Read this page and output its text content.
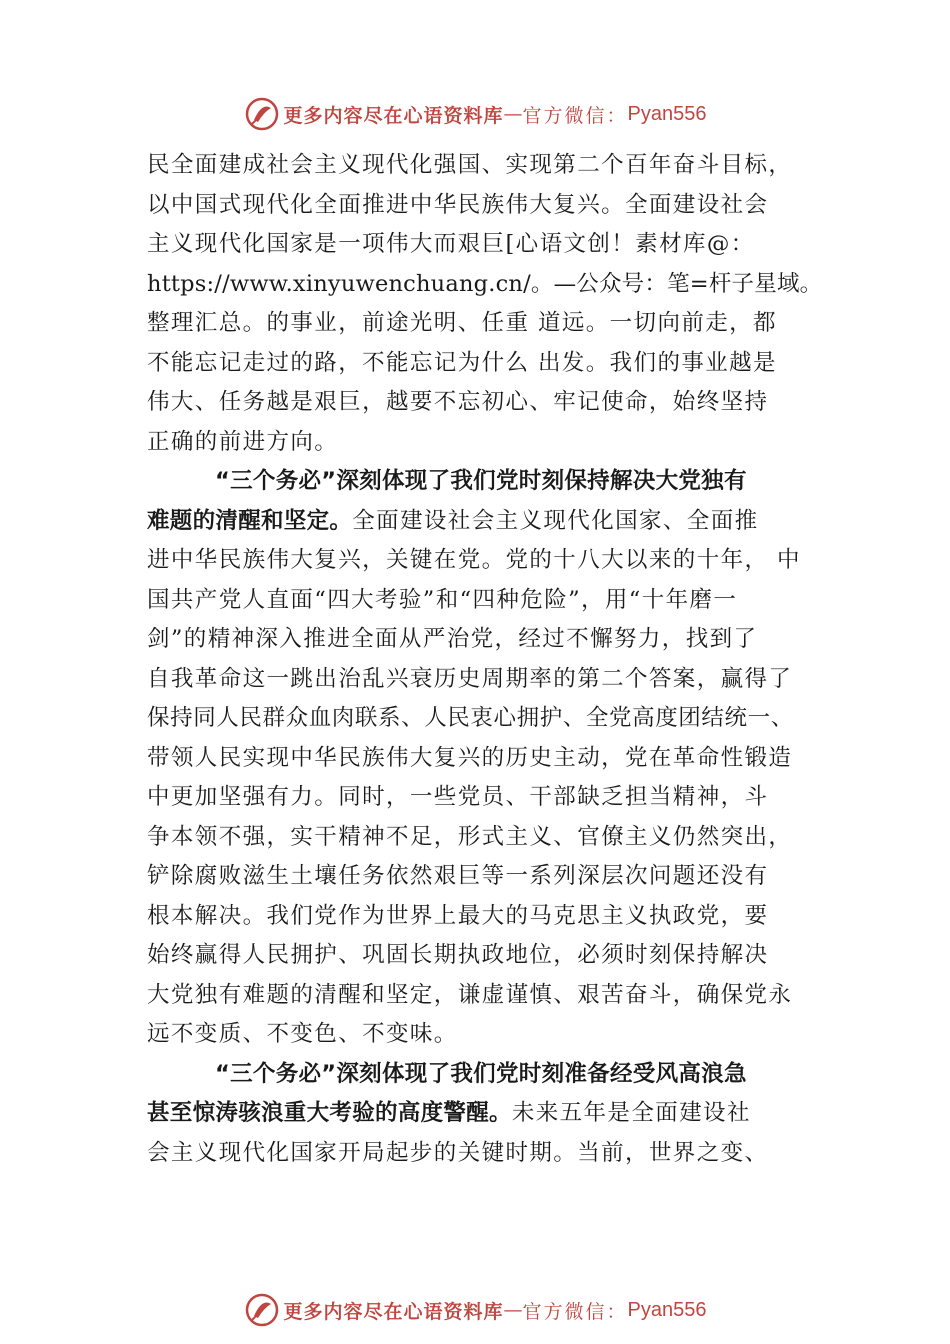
更多内容尽在心语资料库 — 官方微信： Pyan556
民全面建成社会主义现代化强国、实现第二个百年奋斗目标，
以中国式现代化全面推进中华民族伟大复兴。全面建设社会
主义现代化国家是一项伟大而艰巨[心语文创！素材库@：
https://www.xinyuwenchuang.cn/。—公众号：笔=杆子星域。
整理汇总。的事业，前途光明、任重 道远。一切向前走，都
不能忘记走过的路，不能忘记为什么 出发。我们的事业越是
伟大、任务越是艰巨，越要不忘初心、牢记使命，始终坚持
正确的前进方向。
“三个务必”深刻体现了我们党时刻保持解决大党独有
难题的清醒和坚定。全面建设社会主义现代化国家、全面推
进中华民族伟大复兴，关键在党。党的十八大以来的十年， 中
国共产党人直面“四大考验”和“四种危险”，用“十年磨一
剑”的精神深入推进全面从严治党，经过不懈努力，找到了
自我革命这一跳出治乱兴衰历史周期率的第二个答案，赢得了
保持同人民群众血肉联系、人民衷心拥护、全党高度团结统一、
带领人民实现中华民族伟大复兴的历史主动，党在革命性锻造
中更加坚强有力。同时，一些党员、干部缺乏担当精神，斗
争本领不强，实干精神不足，形式主义、官僚主义仍然突出，
铲除腐败滋生土壤任务依然艰巨等一系列深层次问题还没有
根本解决。我们党作为世界上最大的马克思主义执政党，要
始终赢得人民拥护、巩固长期执政地位，必须时刻保持解决
大党独有难题的清醒和坚定，谦虚谨慎、艰苦奋斗，确保党永
远不变质、不变色、不变味。
“三个务必”深刻体现了我们党时刻准备经受风高浪急
甚至惊涛骇浪重大考验的高度警醒。未来五年是全面建设社
会主义现代化国家开局起步的关键时期。当前，世界之变、
更多内容尽在心语资料库 — 官方微信： Pyan556
